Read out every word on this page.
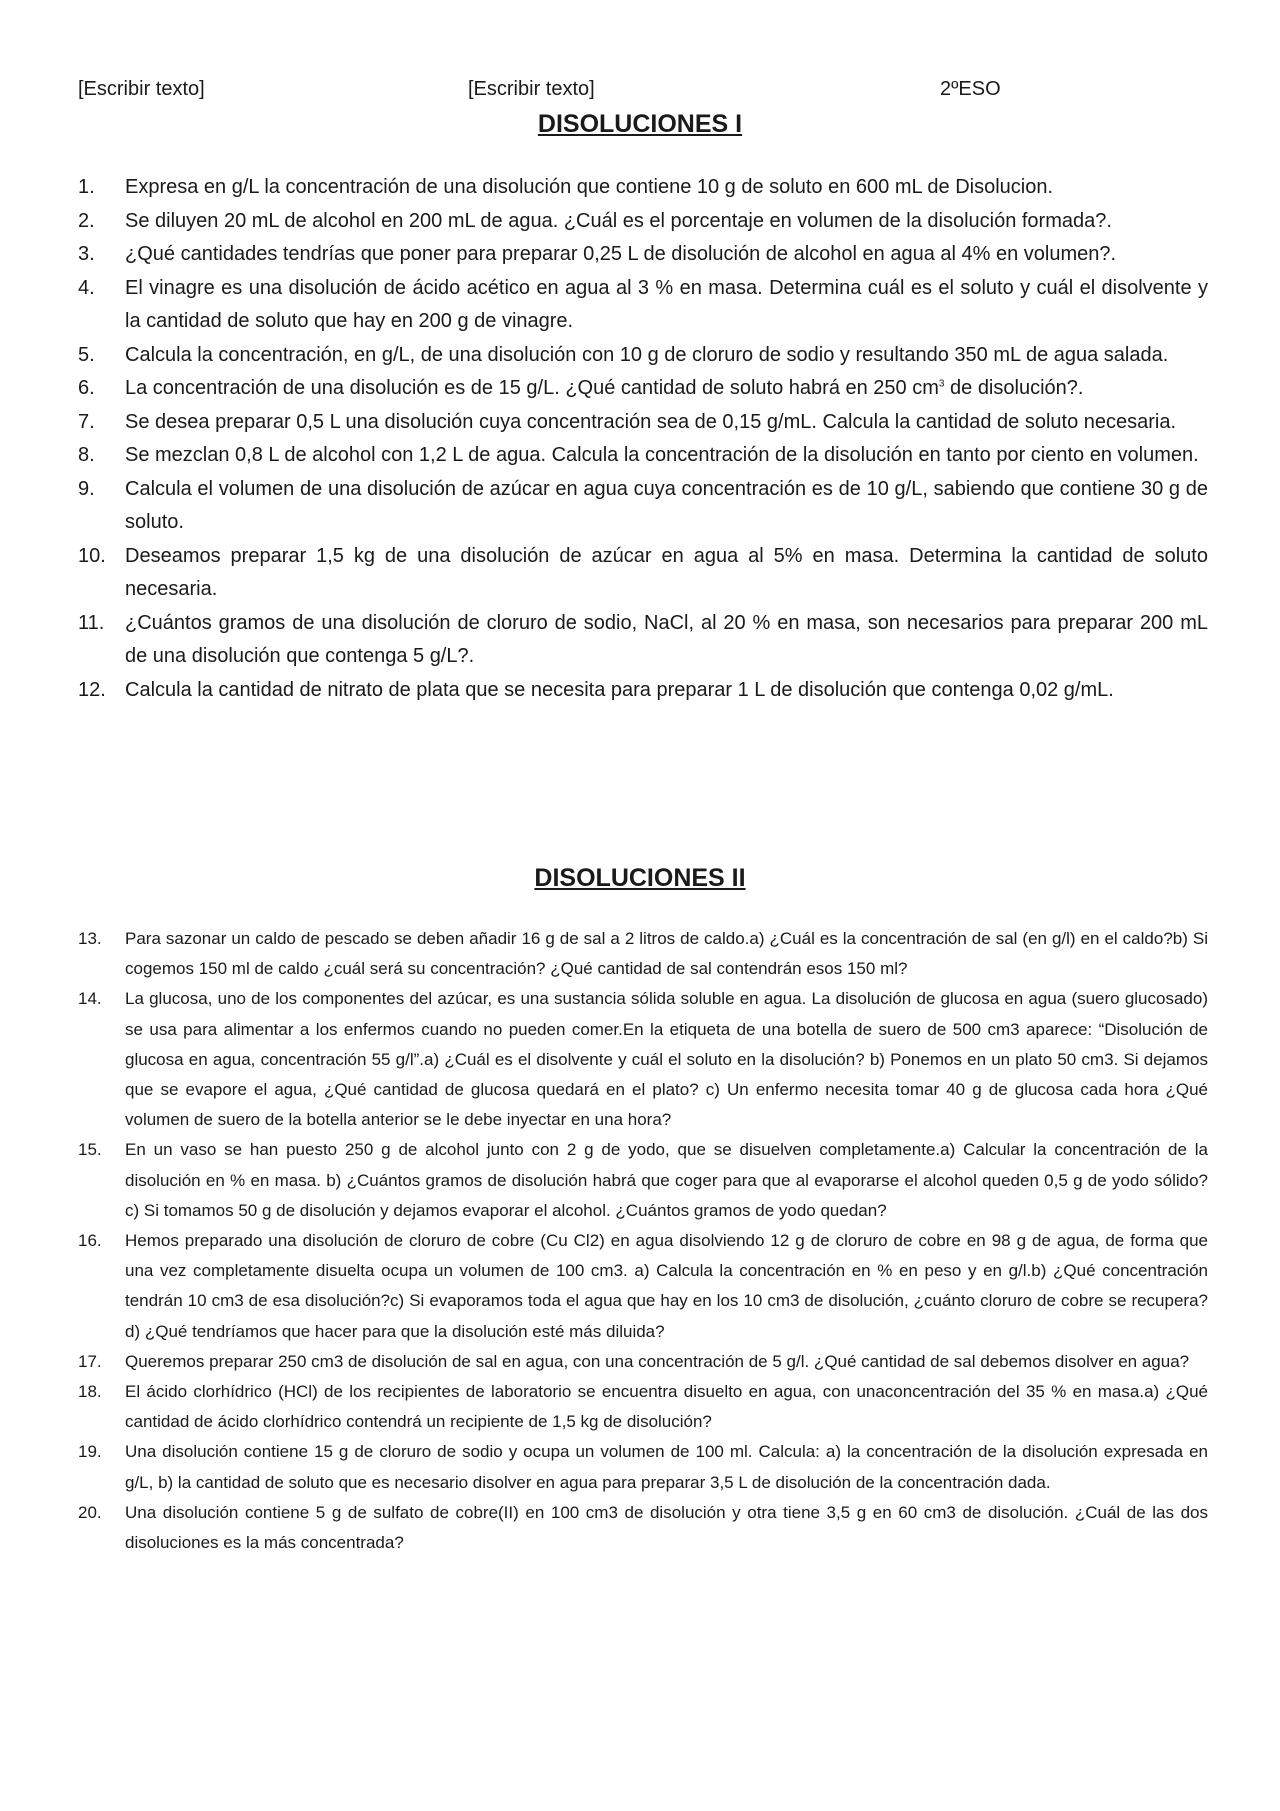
[Escribir texto]	[Escribir texto]	2ºESO
DISOLUCIONES I
1. Expresa en g/L la concentración de una disolución que contiene 10 g de soluto en 600 mL de Disolucion.
2. Se diluyen 20 mL de alcohol en 200 mL de agua. ¿Cuál es el porcentaje en volumen de la disolución formada?.
3. ¿Qué cantidades tendrías que poner para preparar 0,25 L de disolución de alcohol en agua al 4% en volumen?.
4. El vinagre es una disolución de ácido acético en agua al 3 % en masa. Determina cuál es el soluto y cuál el disolvente y la cantidad de soluto que hay en 200 g de vinagre.
5. Calcula la concentración, en g/L, de una disolución con 10 g de cloruro de sodio y resultando 350 mL de agua salada.
6. La concentración de una disolución es de 15 g/L. ¿Qué cantidad de soluto habrá en 250 $cm^3$ de disolución?.
7. Se desea preparar 0,5 L una disolución cuya concentración sea de 0,15 g/mL. Calcula la cantidad de soluto necesaria.
8. Se mezclan 0,8 L de alcohol con 1,2 L de agua. Calcula la concentración de la disolución en tanto por ciento en volumen.
9. Calcula el volumen de una disolución de azúcar en agua cuya concentración es de 10 g/L, sabiendo que contiene 30 g de soluto.
10. Deseamos preparar 1,5 kg de una disolución de azúcar en agua al 5% en masa. Determina la cantidad de soluto necesaria.
11. ¿Cuántos gramos de una disolución de cloruro de sodio, NaCl, al 20 % en masa, son necesarios para preparar 200 mL de una disolución que contenga 5 g/L?.
12. Calcula la cantidad de nitrato de plata que se necesita para preparar 1 L de disolución que contenga 0,02 g/mL.
DISOLUCIONES II
13. Para sazonar un caldo de pescado se deben añadir 16 g de sal a 2 litros de caldo.a) ¿Cuál es la concentración de sal (en g/l) en el caldo?b) Si cogemos 150 ml de caldo ¿cuál será su concentración? ¿Qué cantidad de sal contendrán esos 150 ml?
14. La glucosa, uno de los componentes del azúcar, es una sustancia sólida soluble en agua. La disolución de glucosa en agua (suero glucosado) se usa para alimentar a los enfermos cuando no pueden comer.En la etiqueta de una botella de suero de 500 cm3 aparece: “Disolución de glucosa en agua, concentración 55 g/l”.a) ¿Cuál es el disolvente y cuál el soluto en la disolución? b) Ponemos en un plato 50 cm3. Si dejamos que se evapore el agua, ¿Qué cantidad de glucosa quedará en el plato? c) Un enfermo necesita tomar 40 g de glucosa cada hora ¿Qué volumen de suero de la botella anterior se le debe inyectar en una hora?
15. En un vaso se han puesto 250 g de alcohol junto con 2 g de yodo, que se disuelven completamente.a) Calcular la concentración de la disolución en % en masa. b) ¿Cuántos gramos de disolución habrá que coger para que al evaporarse el alcohol queden 0,5 g de yodo sólido? c) Si tomamos 50 g de disolución y dejamos evaporar el alcohol. ¿Cuántos gramos de yodo quedan?
16. Hemos preparado una disolución de cloruro de cobre (Cu Cl2) en agua disolviendo 12 g de cloruro de cobre en 98 g de agua, de forma que una vez completamente disuelta ocupa un volumen de 100 cm3. a) Calcula la concentración en % en peso y en g/l.b) ¿Qué concentración tendrán 10 cm3 de esa disolución?c) Si evaporamos toda el agua que hay en los 10 cm3 de disolución, ¿cuánto cloruro de cobre se recupera?d) ¿Qué tendríamos que hacer para que la disolución esté más diluida?
17. Queremos preparar 250 cm3 de disolución de sal en agua, con una concentración de 5 g/l. ¿Qué cantidad de sal debemos disolver en agua?
18. El ácido clorhídrico (HCl) de los recipientes de laboratorio se encuentra disuelto en agua, con unaconcentración del 35 % en masa.a) ¿Qué cantidad de ácido clorhídrico contendrá un recipiente de 1,5 kg de disolución?
19. Una disolución contiene 15 g de cloruro de sodio y ocupa un volumen de 100 ml. Calcula: a) la concentración de la disolución expresada en g/L, b) la cantidad de soluto que es necesario disolver en agua para preparar 3,5 L de disolución de la concentración dada.
20. Una disolución contiene 5 g de sulfato de cobre(II) en 100 cm3 de disolución y otra tiene 3,5 g en 60 cm3 de disolución. ¿Cuál de las dos disoluciones es la más concentrada?
